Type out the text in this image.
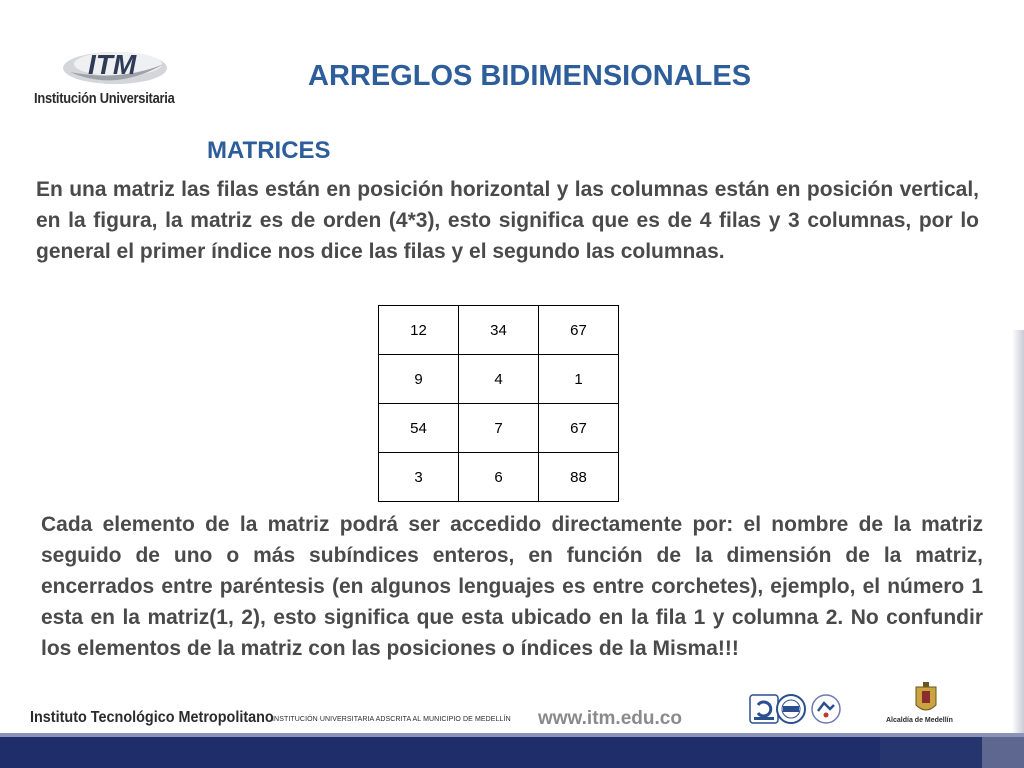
ITM
Institución Universitaria
ARREGLOS BIDIMENSIONALES
MATRICES

En una matriz las filas están en posición horizontal y las columnas están en posición vertical, en la figura, la matriz es de orden (4*3), esto significa que es de 4 filas y 3 columnas, por lo general el primer índice nos dice las filas y el segundo las columnas.

12	34	67
9	4	1
54	7	67
3	6	88

Cada elemento de la matriz podrá ser accedido directamente por: el nombre de la matriz seguido de uno o más subíndices enteros, en función de la dimensión de la matriz, encerrados entre paréntesis (en algunos lenguajes es entre corchetes), ejemplo, el número 1 esta en la matriz(1, 2), esto significa que esta ubicado en la fila 1 y columna 2. No confundir los elementos de la matriz con las posiciones o índices de la Misma!!!

Instituto Tecnológico Metropolitano
INSTITUCIÓN UNIVERSITARIA ADSCRITA AL MUNICIPIO DE MEDELLÍN www.itm.edu.co	Alcaldía de Medellín
